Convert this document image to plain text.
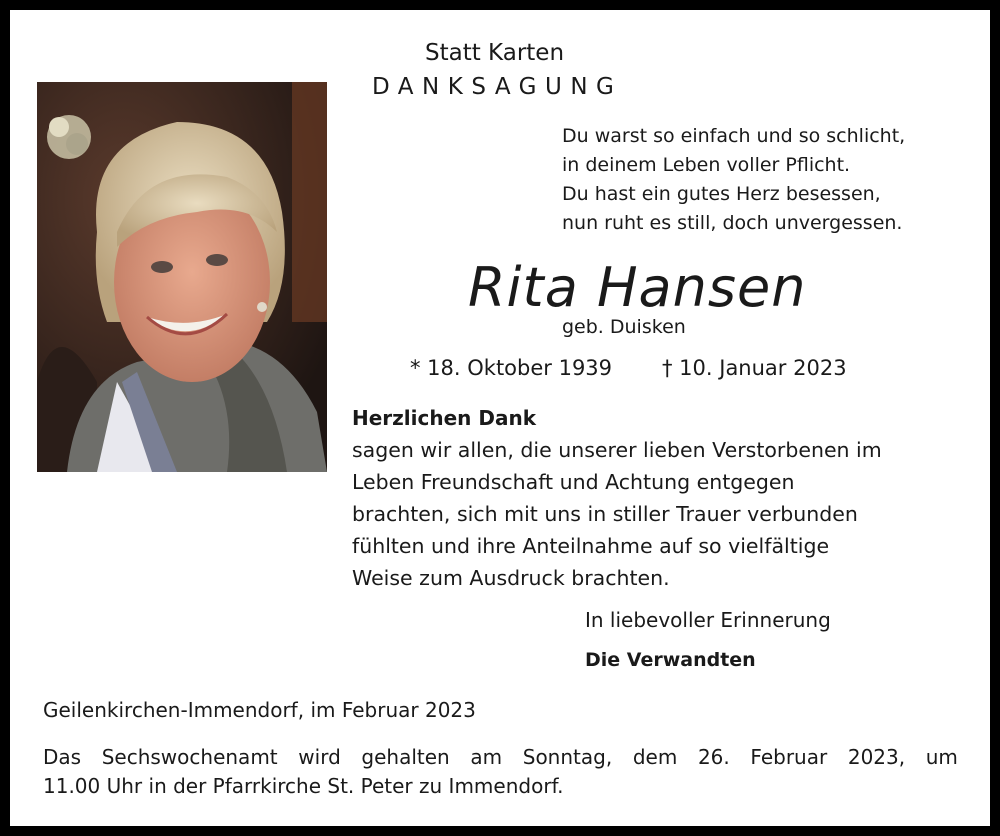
Statt Karten
DANKSAGUNG
Du warst so einfach und so schlicht,
in deinem Leben voller Pflicht.
Du hast ein gutes Herz besessen,
nun ruht es still, doch unvergessen.
Rita Hansen
geb. Duisken
* 18. Oktober 1939 † 10. Januar 2023
Herzlichen Dank
sagen wir allen, die unserer lieben Verstorbenen im
Leben Freundschaft und Achtung entgegen
brachten, sich mit uns in stiller Trauer verbunden
fühlten und ihre Anteilnahme auf so vielfältige
Weise zum Ausdruck brachten.
In liebevoller Erinnerung
Die Verwandten
Geilenkirchen-Immendorf, im Februar 2023
Das Sechswochenamt wird gehalten am Sonntag, dem 26. Februar 2023, um
11.00 Uhr in der Pfarrkirche St. Peter zu Immendorf.
